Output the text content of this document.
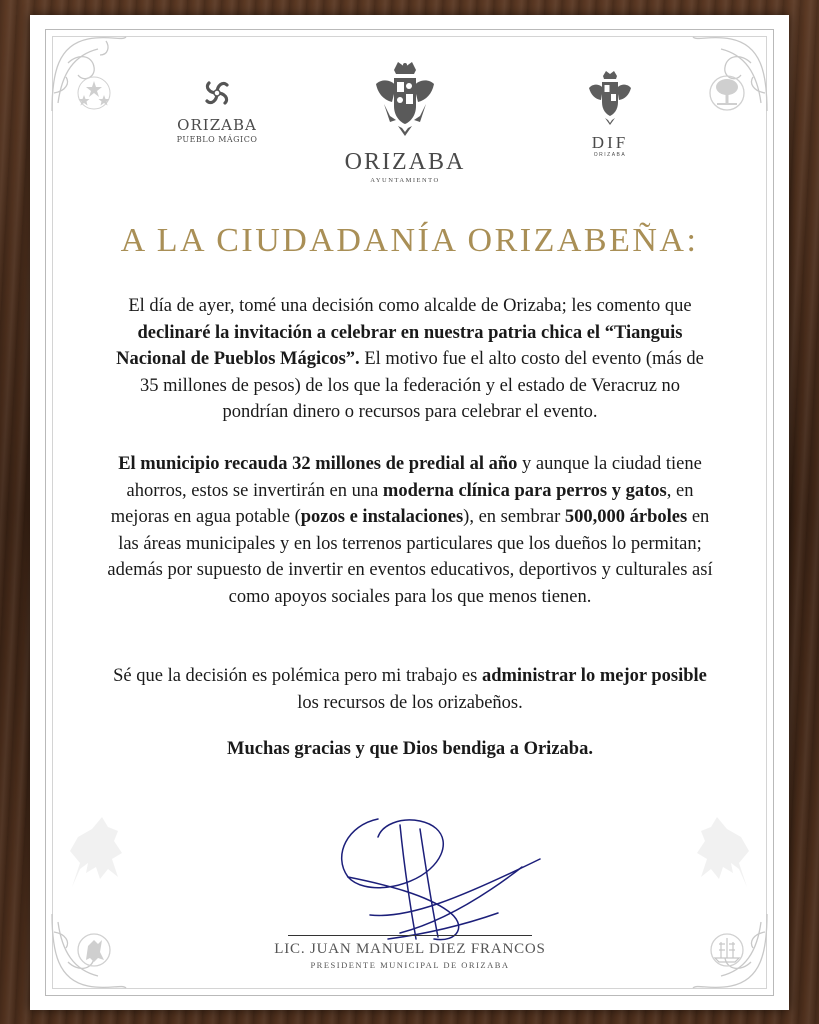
ORIZABA
PUEBLO MÁGICO
ORIZABA
AYUNTAMIENTO
DIF
ORIZABA
A LA CIUDADANÍA ORIZABEÑA:
El día de ayer, tomé una decisión como alcalde de Orizaba; les comento que declinaré la invitación a celebrar en nuestra patria chica el “Tianguis Nacional de Pueblos Mágicos”. El motivo fue el alto costo del evento (más de 35 millones de pesos) de los que la federación y el estado de Veracruz no pondrían dinero o recursos para celebrar el evento.
El municipio recauda 32 millones de predial al año y aunque la ciudad tiene ahorros, estos se invertirán en una moderna clínica para perros y gatos, en mejoras en agua potable (pozos e instalaciones), en sembrar 500,000 árboles en las áreas municipales y en los terrenos particulares que los dueños lo permitan; además por supuesto de invertir en eventos educativos, deportivos y culturales así como apoyos sociales para los que menos tienen.
Sé que la decisión es polémica pero mi trabajo es administrar lo mejor posible los recursos de los orizabeños.
Muchas gracias y que Dios bendiga a Orizaba.
LIC. JUAN MANUEL DIEZ FRANCOS
PRESIDENTE MUNICIPAL DE ORIZABA
